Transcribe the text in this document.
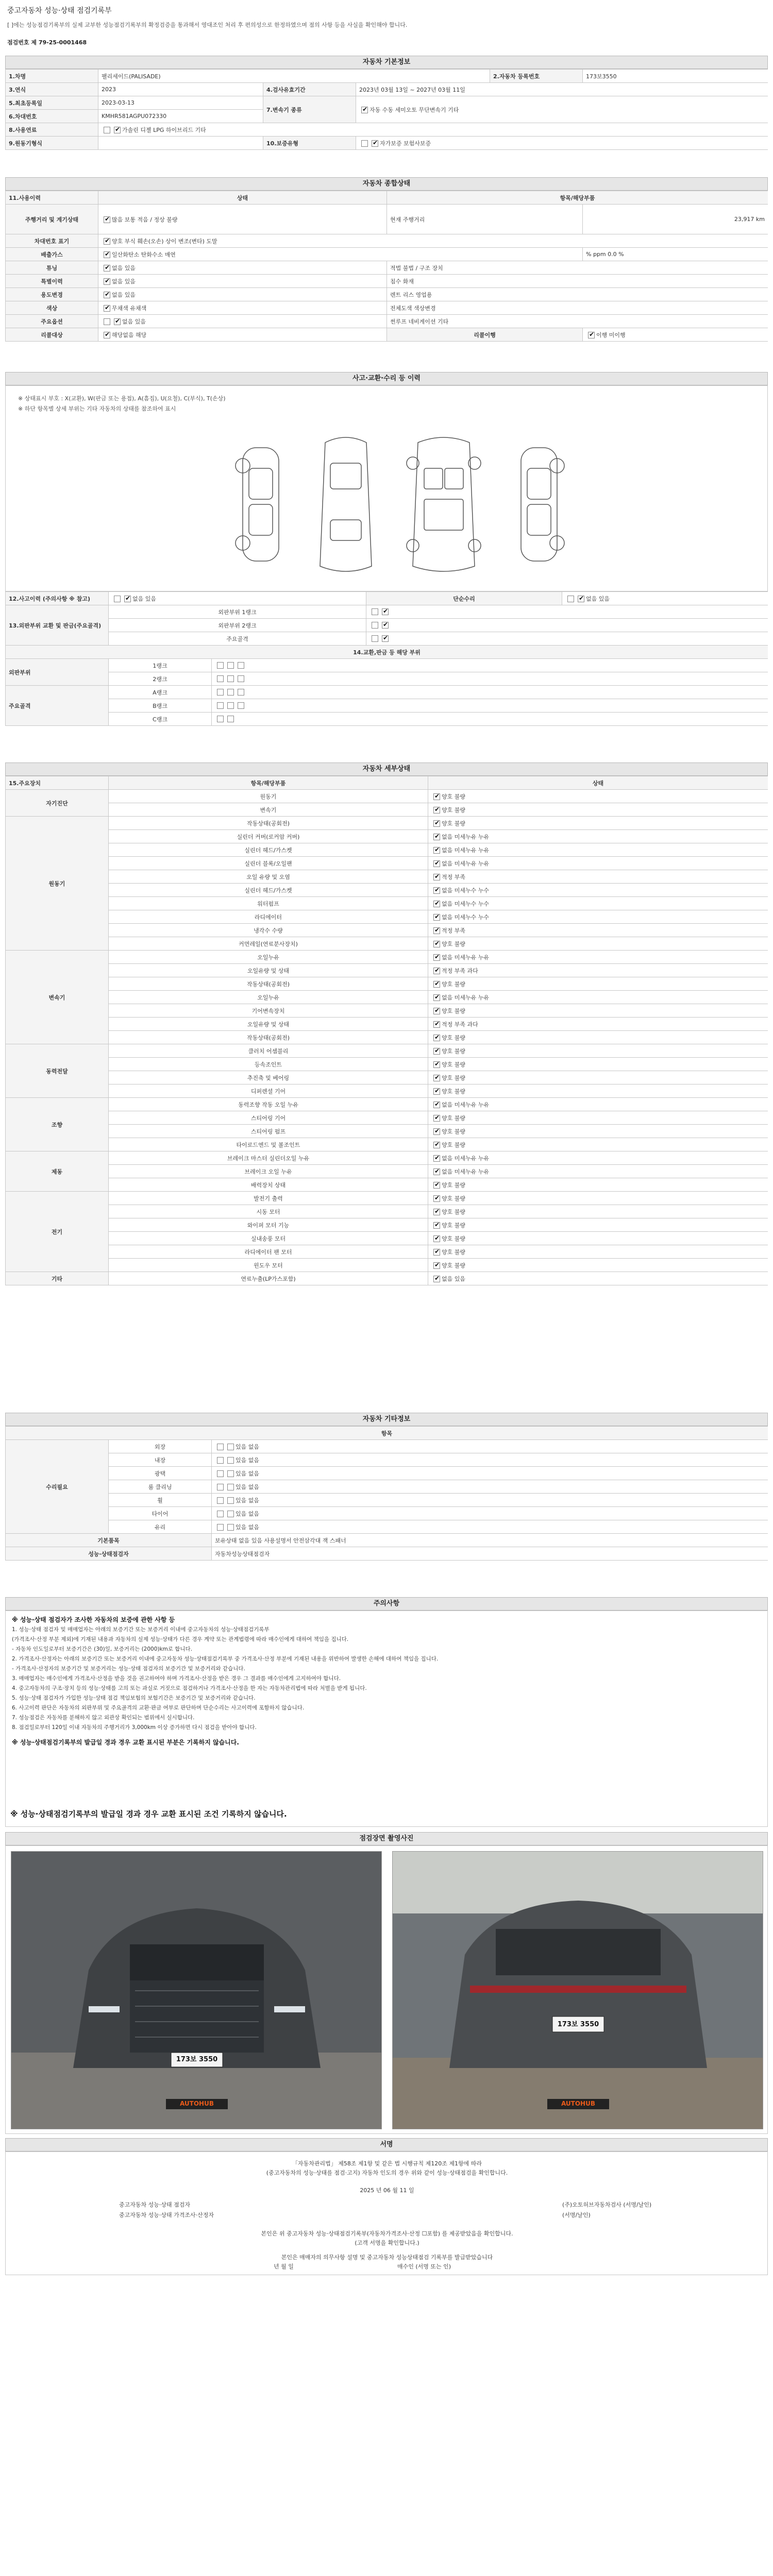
중고자동차 성능·상태 점검기록부
[ ]에는 성능점검기록부의 실제 교부한 성능점검기록부의 확정검증을 통과해서 영대조인 처리 후 편의성으로 한정하였으며 점의 사항 등을 사실을 확인해야 합니다.
점검번호 제 79-25-0001468
자동차 기본정보
1.차명	팰리세이드(PALISADE)			2.자동차 등록번호	173보3550
3.연식	2023	4.검사유효기간	2023년 03월 13일 ~ 2027년 03월 11일		
5.최초등록일	2023-03-13	7.변속기 종류	✔자동 수동 세미오토 무단변속기 기타
6.차대번호	KMHR581AGPU072330				
8.사용연료	✔가솔린 디젤 LPG 하이브리드 기타
9.원동기형식		10.보증유형	✔자가보증 보험사보증
자동차 종합상태
11.사용이력	상태	항목/해당부품	
주행거리 및 계기상태	✔많음 보통 적음 / 정상 불량	현재 주행거리	23,917 km
차대번호 표기	✔양호 부식 훼손(오손) 상이 변조(변타) 도말
배출가스	✔일산화탄소 탄화수소 매연		% ppm 0.0 %
튜닝	✔없음 있음	적법 불법 / 구조 장치	
특별이력	✔없음 있음	침수 화재	
용도변경	✔없음 있음	렌트 리스 영업용	
색상	✔무채색 유채색	전체도색 색상변경	
주요옵션	✔없음 있음	썬루프 네비게이션 기타	
리콜대상	✔해당없음 해당	리콜이행	✔이행 미이행
사고·교환·수리 등 이력
※ 상태표시 부호 : X(교환), W(판금 또는 용접), A(흠집), U(요철), C(부식), T(손상)
※ 하단 항목별 상세 부위는 기타 자동차의 상태를 참조하여 표시
12.사고이력 (주의사항 ※ 참고)	✔없음 있음		단순수리	✔없음 있음
13.외판부위 교환 및 판금(주요골격)	외판부위 1랭크	✔
	외판부위 2랭크	✔
	주요골격	✔
14.교환,판금 등 해당 부위				
외판부위	1랭크			
	2랭크			
주요골격	A랭크			
	B랭크			
	C랭크			
자동차 세부상태
15.주요장치	항목/해당부품	상태
자기진단	원동기	✔양호 불량
	변속기	✔양호 불량
원동기	작동상태(공회전)	✔양호 불량
	실린더 커버(로커암 커버)	✔없음 미세누유 누유
	실린더 헤드/가스켓	✔없음 미세누유 누유
	실린더 블록/오일팬	✔없음 미세누유 누유
	오일 유량 및 오염	✔적정 부족
	실린더 헤드/가스켓	✔없음 미세누수 누수
	워터펌프	✔없음 미세누수 누수
	라디에이터	✔없음 미세누수 누수
	냉각수 수량	✔적정 부족
	커먼레일(연료분사장치)	✔양호 불량
변속기	오일누유	✔없음 미세누유 누유
	오일유량 및 상태	✔적정 부족 과다
	작동상태(공회전)	✔양호 불량
	오일누유	✔없음 미세누유 누유
	기어변속장치	✔양호 불량
	오일유량 및 상태	✔적정 부족 과다
	작동상태(공회전)	✔양호 불량
동력전달	클러치 어셈블리	✔양호 불량
	등속조인트	✔양호 불량
	추진축 및 베어링	✔양호 불량
	디퍼렌셜 기어	✔양호 불량
조향	동력조향 작동 오일 누유	✔없음 미세누유 누유
	스티어링 기어	✔양호 불량
	스티어링 펌프	✔양호 불량
	타이로드엔드 및 볼조인트	✔양호 불량
제동	브레이크 마스터 실린더오일 누유	✔없음 미세누유 누유
	브레이크 오일 누유	✔없음 미세누유 누유
	배력장치 상태	✔양호 불량
전기	발전기 출력	✔양호 불량
	시동 모터	✔양호 불량
	와이퍼 모터 기능	✔양호 불량
	실내송풍 모터	✔양호 불량
	라디에이터 팬 모터	✔양호 불량
	윈도우 모터	✔양호 불량
기타	연료누출(LP가스포함)	✔없음 있음
자동차 기타정보
항목		
수리필요	외장	있음 없음
	내장	있음 없음
	광택	있음 없음
	룸 클리닝	있음 없음
	휠	있음 없음
	타이어	있음 없음
	유리	있음 없음
기본품목		보유상태 없음 있음 사용설명서 안전삼각대 잭 스패너
성능·상태점검자		자동차성능상태점검자
주의사항

※ 성능·상태 점검자가 조사한 자동차의 보증에 관한 사항 등

1. 성능·상태 점검자 및 매매업자는 아래의 보증기간 또는 보증거리 이내에 중고자동차의 성능·상태점검기록부

(가격조사·산정 부분 제외)에 기재된 내용과 자동차의 실제 성능·상태가 다른 경우 계약 또는 관계법령에 따라 매수인에게 대하여 책임을 집니다.

- 자동차 인도일로부터 보증기간은 (30)일, 보증거리는 (2000)km로 합니다.

2. 가격조사·산정자는 아래의 보증기간 또는 보증거리 이내에 중고자동차 성능·상태점검기록부 중 가격조사·산정 부분에 기재된 내용을 위반하여 발생한 손해에 대하여 책임을 집니다.

- 가격조사·산정자의 보증기간 및 보증거리는 성능·상태 점검자의 보증기간 및 보증거리와 같습니다.

3. 매매업자는 매수인에게 가격조사·산정을 받을 것을 권고하여야 하며 가격조사·산정을 받은 경우 그 결과를 매수인에게 고지하여야 합니다.

4. 중고자동차의 구조·장치 등의 성능·상태를 고의 또는 과실로 거짓으로 점검하거나 가격조사·산정을 한 자는 자동차관리법에 따라 처벌을 받게 됩니다.

5. 성능·상태 점검자가 가입한 성능·상태 점검 책임보험의 보험기간은 보증기간 및 보증거리와 같습니다.

6. 사고이력 판단은 자동차의 외판부위 및 주요골격의 교환·판금 여부로 판단하며 단순수리는 사고이력에 포함하지 않습니다.

7. 성능점검은 자동차를 분해하지 않고 외관상 확인되는 범위에서 실시합니다.

8. 점검일로부터 120일 이내 자동차의 주행거리가 3,000km 이상 증가하면 다시 점검을 받아야 합니다.

※ 성능·상태점검기록부의 발급일 경과 경우 교환 표시된 부분은 기록하지 않습니다.

※ 성능·상태점검기록부의 발급일 경과 경우 교환 표시된 조건 기록하지 않습니다.
점검장면 촬영사진
173보 3550
AUTOHUB
173보 3550
AUTOHUB
서명
「자동차관리법」 제58조 제1항 및 같은 법 시행규칙 제120조 제1항에 따라
(중고자동차의 성능·상태를 점검·고지) 자동차 인도의 경우 위와 같이 성능·상태점검을 확인합니다.
2025 년 06 월 11 일
중고자동차 성능·상태 점검자	(주)오토허브자동차검사 (서명/날인)
중고자동차 성능·상태 가격조사·산정자	(서명/날인)
본인은 위 중고자동차 성능·상태점검기록부(자동차가격조사·산정 ☐포함) 를 제공받았음을 확인합니다.
(고객 서명을 확인합니다.)
본인은 매매자의 의무사항 설명 및 중고자동차 성능상태점검 기록부를 발급받았습니다
년 월 일	매수인 (서명 또는 인)
